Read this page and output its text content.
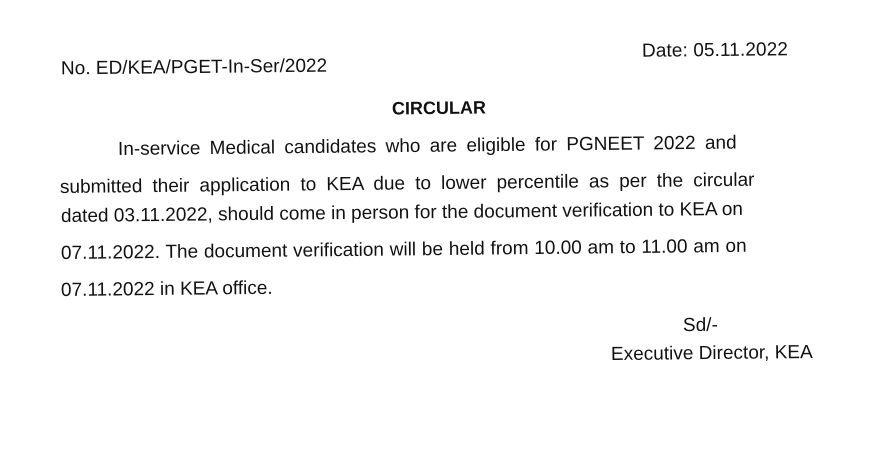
Date: 05.11.2022
No. ED/KEA/PGET-In-Ser/2022
CIRCULAR
In-service Medical candidates who are eligible for PGNEET 2022 and
submitted their application to KEA due to lower percentile as per the circular
dated 03.11.2022, should come in person for the document verification to KEA on
07.11.2022. The document verification will be held from 10.00 am to 11.00 am on
07.11.2022 in KEA office.
Sd/-
Executive Director, KEA
